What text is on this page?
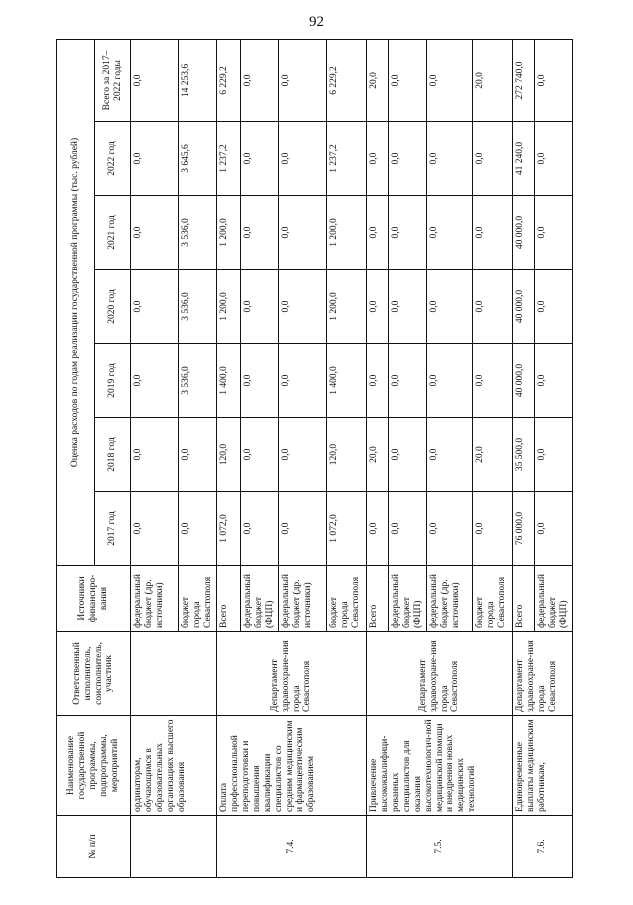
92
№ п/п	Наименование государственной программы, подпрограммы, мероприятий	Ответственный исполнитель, соисполнитель, участник	Источники финансиро-вания	Оценка расходов по годам реализации государственной программы (тыс. рублей)						
				2017 год	2018 год	2019 год	2020 год	2021 год	2022 год	Всего за 2017–2022 годы
	ординаторам, обучающимся в образовательных организациях высшего образования		федеральный бюджет (др. источники)	0,0	0,0	0,0	0,0	0,0	0,0	0,0
			бюджет города Севастополя	0,0	0,0	3 536,0	3 536,0	3 536,0	3 645,6	14 253,6
7.4.	Оплата профессиональной переподготовки и повышения квалификации специалистов со средним медицинским и фармацевтическим образованием	Департамент здравоохране-ния города Севастополя	Всего	1 072,0	120,0	1 400,0	1 200,0	1 200,0	1 237,2	6 229,2
			федеральный бюджет (ФЦП)	0,0	0,0	0,0	0,0	0,0	0,0	0,0
			федеральный бюджет (др. источники)	0,0	0,0	0,0	0,0	0,0	0,0	0,0
			бюджет города Севастополя	1 072,0	120,0	1 400,0	1 200,0	1 200,0	1 237,2	6 229,2
7.5.	Привлечение высококвалифици-рованных специалистов для оказания высокотехнологич-ной медицинской помощи и внедрения новых медицинских технологий	Департамент здравоохране-ния города Севастополя	Всего	0,0	20,0	0,0	0,0	0,0	0,0	20,0
			федеральный бюджет (ФЦП)	0,0	0,0	0,0	0,0	0,0	0,0	0,0
			федеральный бюджет (др. источники)	0,0	0,0	0,0	0,0	0,0	0,0	0,0
			бюджет города Севастополя	0,0	20,0	0,0	0,0	0,0	0,0	20,0
7.6.	Единовременные выплаты медицинским работникам,	Департамент здравоохране-ния города Севастополя	Всего	76 000,0	35 500,0	40 000,0	40 000,0	40 000,0	41 240,0	272 740,0
			федеральный бюджет (ФЦП)	0,0	0,0	0,0	0,0	0,0	0,0	0,0
